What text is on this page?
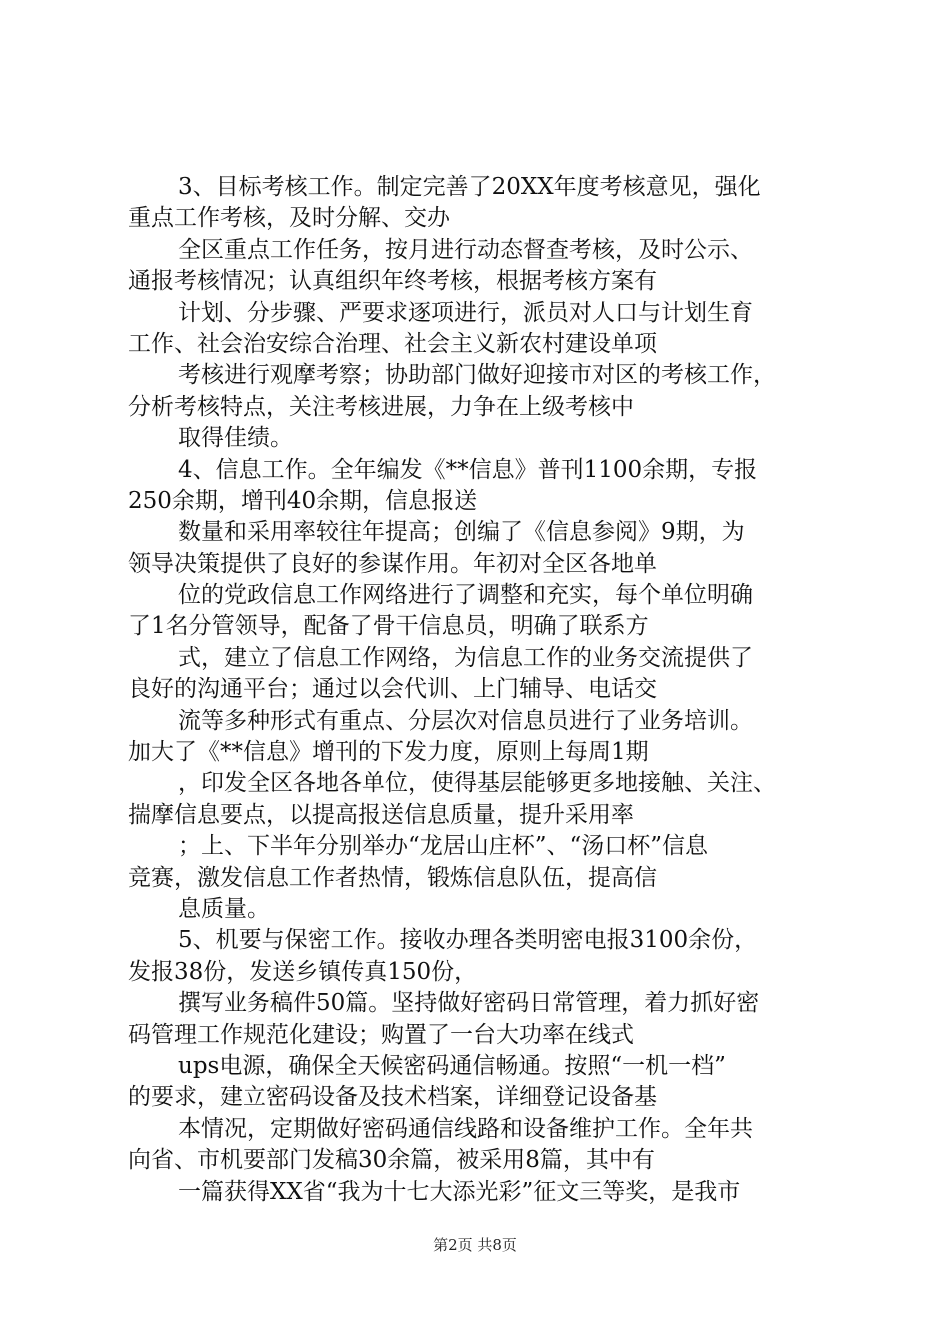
3、目标考核工作。制定完善了20XX年度考核意见，强化
重点工作考核，及时分解、交办
全区重点工作任务，按月进行动态督查考核，及时公示、
通报考核情况；认真组织年终考核，根据考核方案有
计划、分步骤、严要求逐项进行，派员对人口与计划生育
工作、社会治安综合治理、社会主义新农村建设单项
考核进行观摩考察；协助部门做好迎接市对区的考核工作，
分析考核特点，关注考核进展，力争在上级考核中
取得佳绩。
4、信息工作。全年编发《**信息》普刊1100余期，专报
250余期，增刊40余期，信息报送
数量和采用率较往年提高；创编了《信息参阅》9期，为
领导决策提供了良好的参谋作用。年初对全区各地单
位的党政信息工作网络进行了调整和充实，每个单位明确
了1名分管领导，配备了骨干信息员，明确了联系方
式，建立了信息工作网络，为信息工作的业务交流提供了
良好的沟通平台；通过以会代训、上门辅导、电话交
流等多种形式有重点、分层次对信息员进行了业务培训。
加大了《**信息》增刊的下发力度，原则上每周1期
，印发全区各地各单位，使得基层能够更多地接触、关注、
揣摩信息要点，以提高报送信息质量，提升采用率
；上、下半年分别举办“龙居山庄杯”、“汤口杯”信息
竞赛，激发信息工作者热情，锻炼信息队伍，提高信
息质量。
5、机要与保密工作。接收办理各类明密电报3100余份，
发报38份，发送乡镇传真150份，
撰写业务稿件50篇。坚持做好密码日常管理，着力抓好密
码管理工作规范化建设；购置了一台大功率在线式
ups电源，确保全天候密码通信畅通。按照“一机一档”
的要求，建立密码设备及技术档案，详细登记设备基
本情况，定期做好密码通信线路和设备维护工作。全年共
向省、市机要部门发稿30余篇，被采用8篇，其中有
一篇获得XX省“我为十七大添光彩”征文三等奖，是我市
第2页 共8页
